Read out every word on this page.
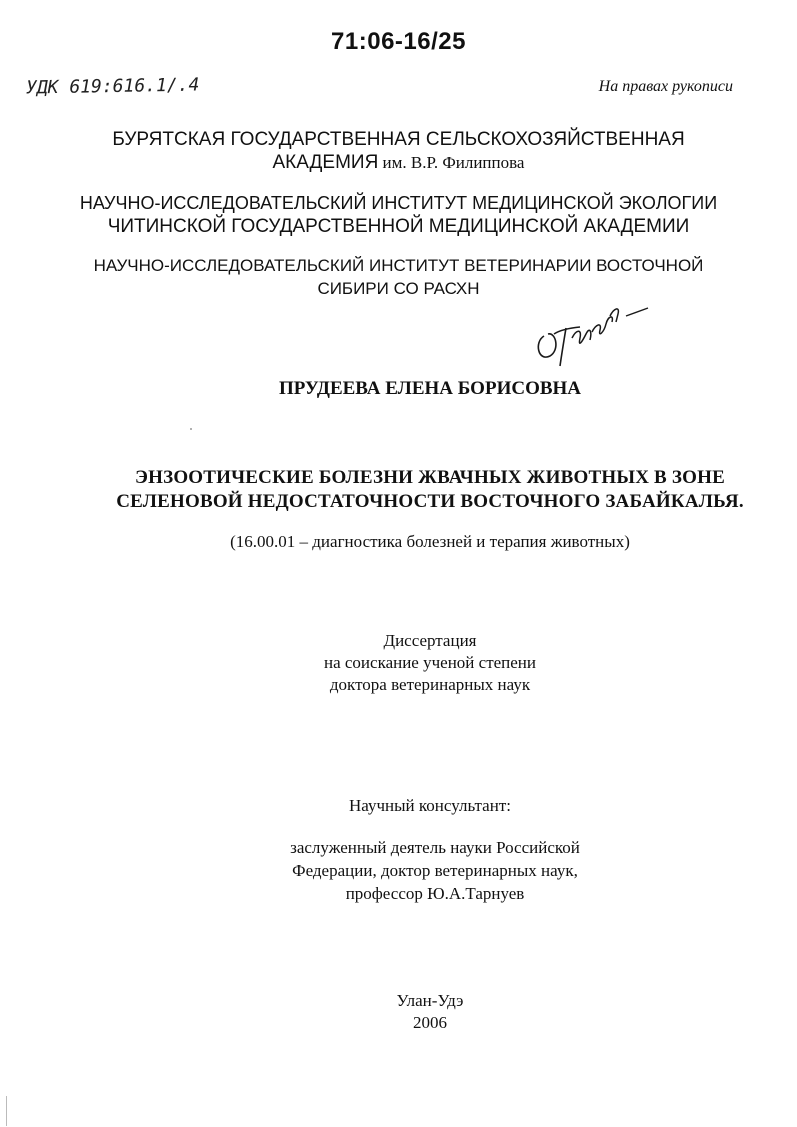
71:06-16/25
УДК 619:616.1/.4	На правах рукописи
БУРЯТСКАЯ ГОСУДАРСТВЕННАЯ СЕЛЬСКОХОЗЯЙСТВЕННАЯ
АКАДЕМИЯ им. В.Р. Филиппова
НАУЧНО-ИССЛЕДОВАТЕЛЬСКИЙ ИНСТИТУТ МЕДИЦИНСКОЙ ЭКОЛОГИИ
ЧИТИНСКОЙ ГОСУДАРСТВЕННОЙ МЕДИЦИНСКОЙ АКАДЕМИИ
НАУЧНО-ИССЛЕДОВАТЕЛЬСКИЙ ИНСТИТУТ ВЕТЕРИНАРИИ ВОСТОЧНОЙ
СИБИРИ СО РАСХН
ПРУДЕЕВА ЕЛЕНА БОРИСОВНА
ЭНЗООТИЧЕСКИЕ БОЛЕЗНИ ЖВАЧНЫХ ЖИВОТНЫХ В ЗОНЕ
СЕЛЕНОВОЙ НЕДОСТАТОЧНОСТИ ВОСТОЧНОГО ЗАБАЙКАЛЬЯ.
(16.00.01 – диагностика болезней и терапия животных)
Диссертация
на соискание ученой степени
доктора ветеринарных наук
Научный консультант:
заслуженный деятель науки Российской
Федерации, доктор ветеринарных наук,
профессор Ю.А.Тарнуев
Улан-Удэ
2006
